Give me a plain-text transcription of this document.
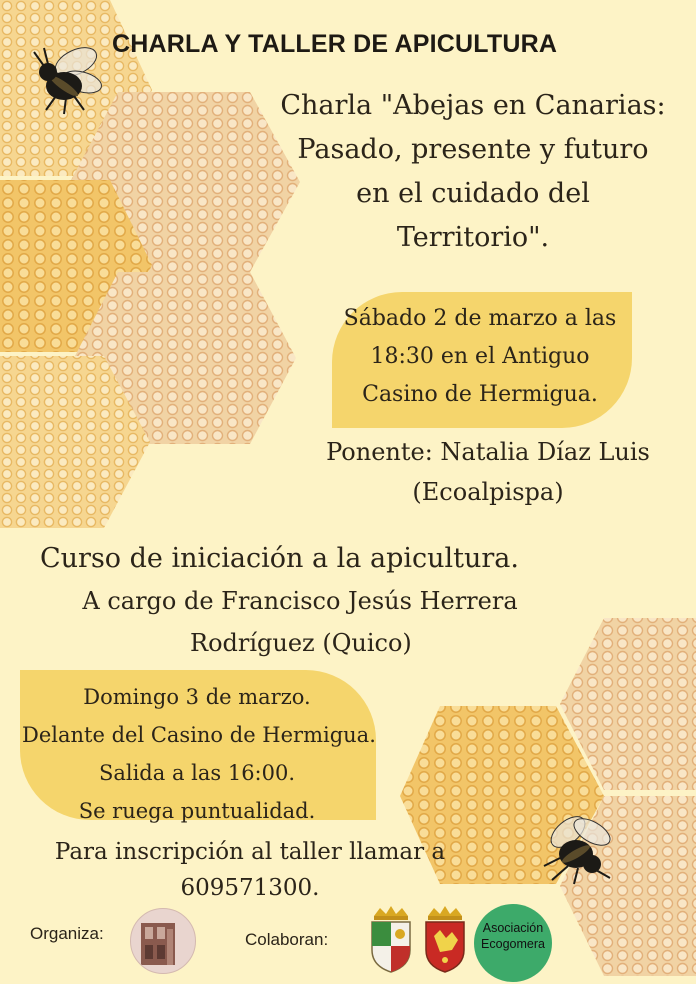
CHARLA Y TALLER DE APICULTURA
Charla "Abejas en Canarias:
Pasado, presente y futuro
en el cuidado del
Territorio".
Sábado 2 de marzo a las
18:30 en el Antiguo
Casino de Hermigua.
Ponente: Natalia Díaz Luis
(Ecoalpispa)
Curso de iniciación a la apicultura.
A cargo de Francisco Jesús Herrera
Rodríguez (Quico)
Domingo 3 de marzo.
Delante del Casino de Hermigua.
Salida a las 16:00.
Se ruega puntualidad.
Para inscripción al taller llamar a
609571300.
Organiza:	Colaboran:
Asociación
Ecogomera
